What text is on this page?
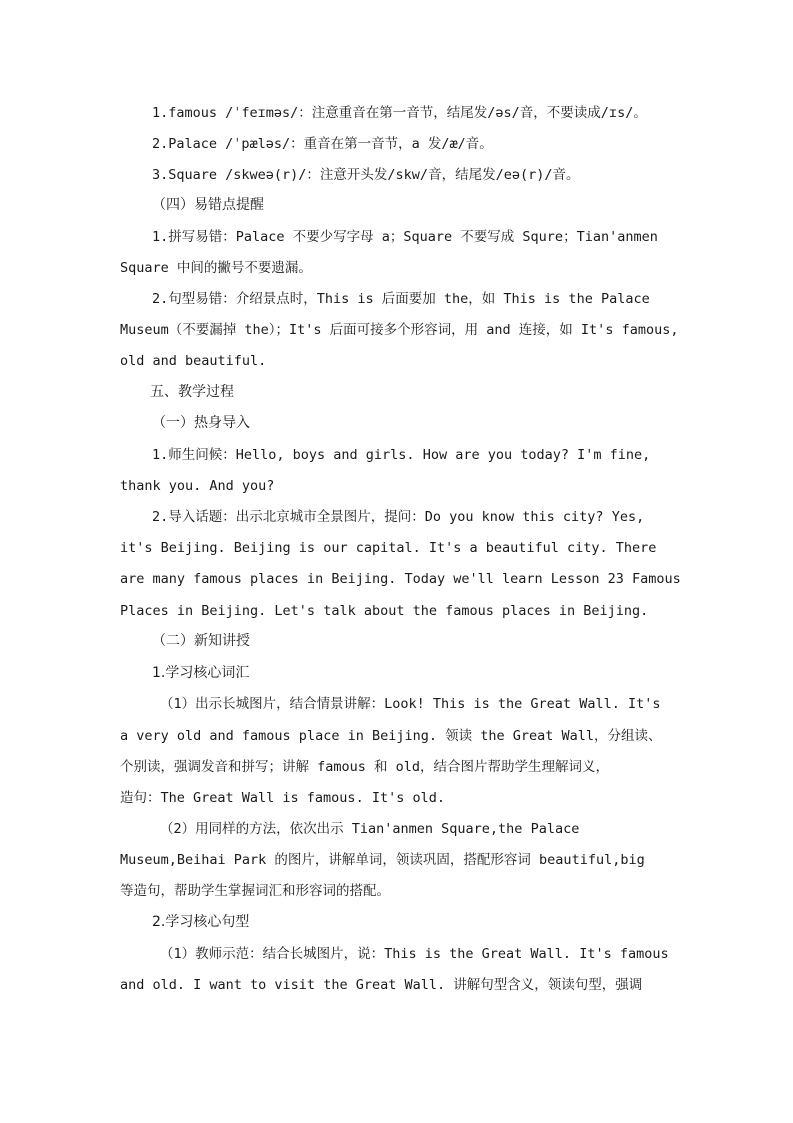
1.famous /ˈfeɪməs/：注意重音在第一音节，结尾发/əs/音，不要读成/ɪs/。
2.Palace /ˈpæləs/：重音在第一音节，a 发/æ/音。
3.Square /skweə(r)/：注意开头发/skw/音，结尾发/eə(r)/音。
（四）易错点提醒
1.拼写易错：Palace 不要少写字母 a；Square 不要写成 Squre；Tian'anmen
Square 中间的撇号不要遗漏。
2.句型易错：介绍景点时，This is 后面要加 the，如 This is the Palace
Museum（不要漏掉 the）；It's 后面可接多个形容词，用 and 连接，如 It's famous,
old and beautiful.
五、教学过程
（一）热身导入
1.师生问候：Hello, boys and girls. How are you today? I'm fine,
thank you. And you?
2.导入话题：出示北京城市全景图片，提问：Do you know this city? Yes,
it's Beijing. Beijing is our capital. It's a beautiful city. There
are many famous places in Beijing. Today we'll learn Lesson 23 Famous
Places in Beijing. Let's talk about the famous places in Beijing.
（二）新知讲授
1.学习核心词汇
（1）出示长城图片，结合情景讲解：Look! This is the Great Wall. It's
a very old and famous place in Beijing. 领读 the Great Wall，分组读、
个别读，强调发音和拼写；讲解 famous 和 old，结合图片帮助学生理解词义，
造句：The Great Wall is famous. It's old.
（2）用同样的方法，依次出示 Tian'anmen Square,the Palace
Museum,Beihai Park 的图片，讲解单词，领读巩固，搭配形容词 beautiful,big
等造句，帮助学生掌握词汇和形容词的搭配。
2.学习核心句型
（1）教师示范：结合长城图片，说：This is the Great Wall. It's famous
and old. I want to visit the Great Wall. 讲解句型含义，领读句型，强调
